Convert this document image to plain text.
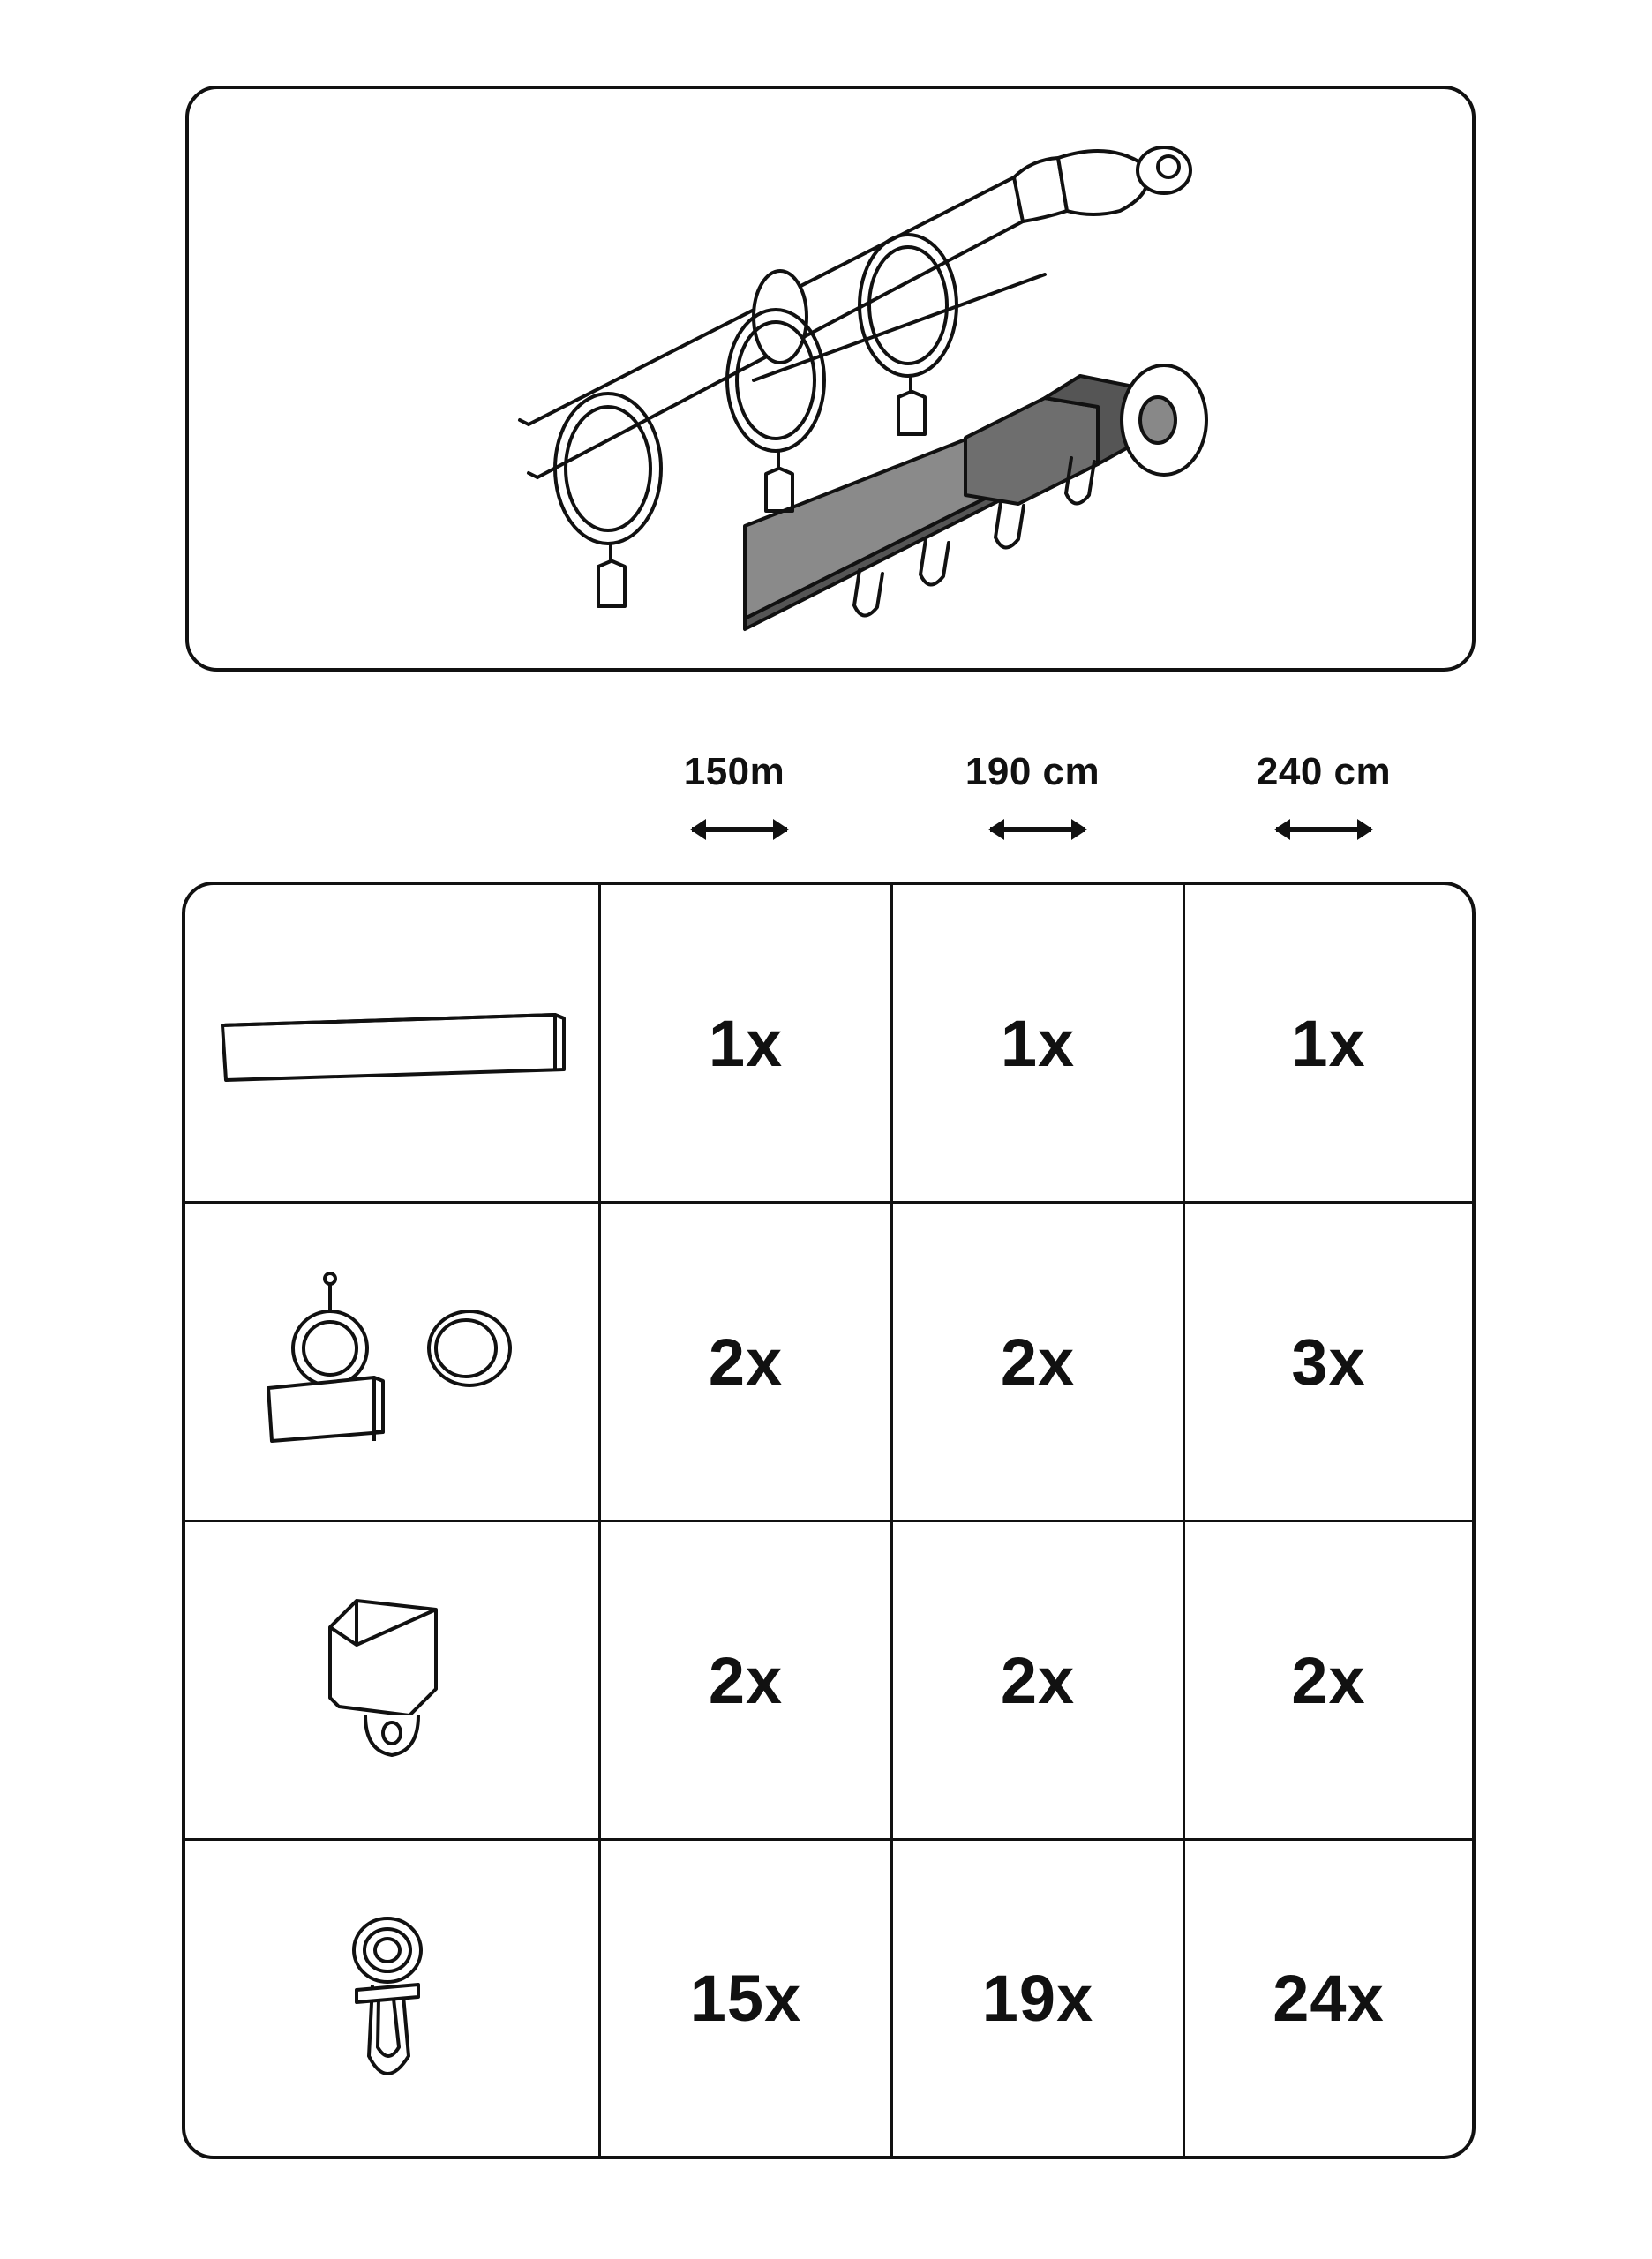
150m	190 cm	240 cm
1x	1x	1x
2x	2x	3x
2x	2x	2x
15x	19x	24x
